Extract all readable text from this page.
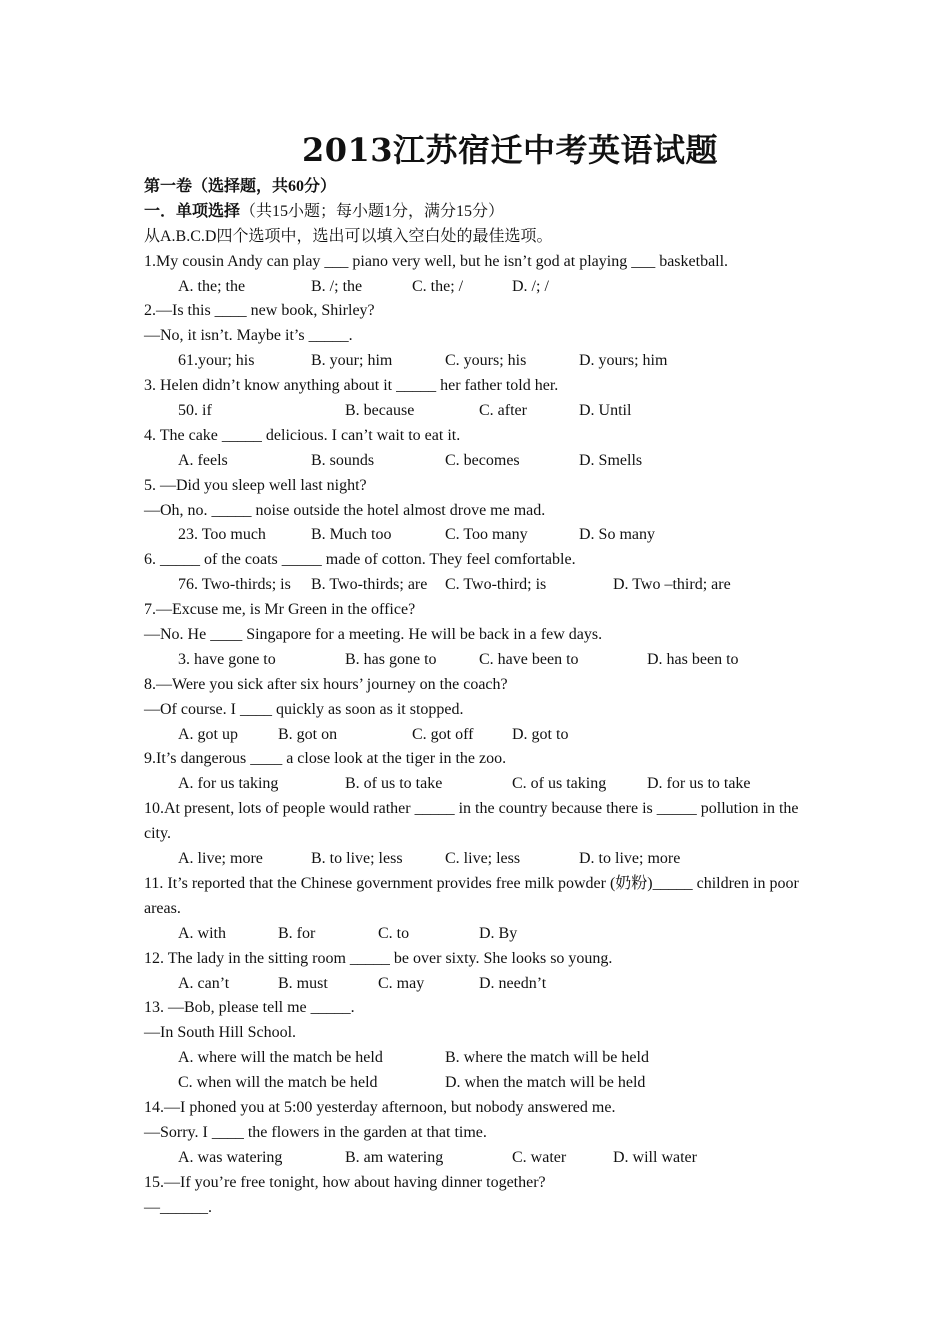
2013江苏宿迁中考英语试题
第一卷（选择题，共60分）
一．单项选择（共15小题；每小题1分，满分15分）
从A.B.C.D四个选项中，选出可以填入空白处的最佳选项。
1.My cousin Andy can play ___ piano very well, but he isn’t god at playing ___ basketball.
A. the; the	B. /; the	C. the; /	D. /; /
2.—Is this ____ new book, Shirley?
—No, it isn’t. Maybe it’s _____.
61.your; his	B. your; him	C. yours; his	D. yours; him
3. Helen didn’t know anything about it _____ her father told her.
50. if	B. because	C. after	D. Until
4. The cake _____ delicious. I can’t wait to eat it.
A. feels	B. sounds	C. becomes	D. Smells
5. —Did you sleep well last night?
—Oh, no. _____ noise outside the hotel almost drove me mad.
23. Too much	B. Much too	C. Too many	D. So many
6. _____ of the coats _____ made of cotton. They feel comfortable.
76. Two-thirds; is B. Two-thirds; are C. Two-third; is	D. Two –third; are
7.—Excuse me, is Mr Green in the office?
—No. He ____ Singapore for a meeting. He will be back in a few days.
3. have gone to	B. has gone to	C. have been to	D. has been to
8.—Were you sick after six hours’ journey on the coach?
—Of course. I ____ quickly as soon as it stopped.
A. got up	B. got on	C. got off D. got to
9.It’s dangerous ____ a close look at the tiger in the zoo.
A. for us taking	B. of us to take	C. of us taking	D. for us to take
10.At present, lots of people would rather _____ in the country because there is _____ pollution in the city.
A. live; more	B. to live; less	C. live; less	D. to live; more
11. It’s reported that the Chinese government provides free milk powder (奶粉)_____ children in poor areas.
A. with	B. for	C. to	D. By
12. The lady in the sitting room _____ be over sixty. She looks so young.
A. can’t	B. must	C. may	D. needn’t
13. —Bob, please tell me _____.
—In South Hill School.
A. where will the match be held	B. where the match will be held
C. when will the match be held	D. when the match will be held
14.—I phoned you at 5:00 yesterday afternoon, but nobody answered me.
—Sorry. I ____ the flowers in the garden at that time.
A. was watering	B. am watering	C. water	D. will water
15.—If you’re free tonight, how about having dinner together?
—______.
